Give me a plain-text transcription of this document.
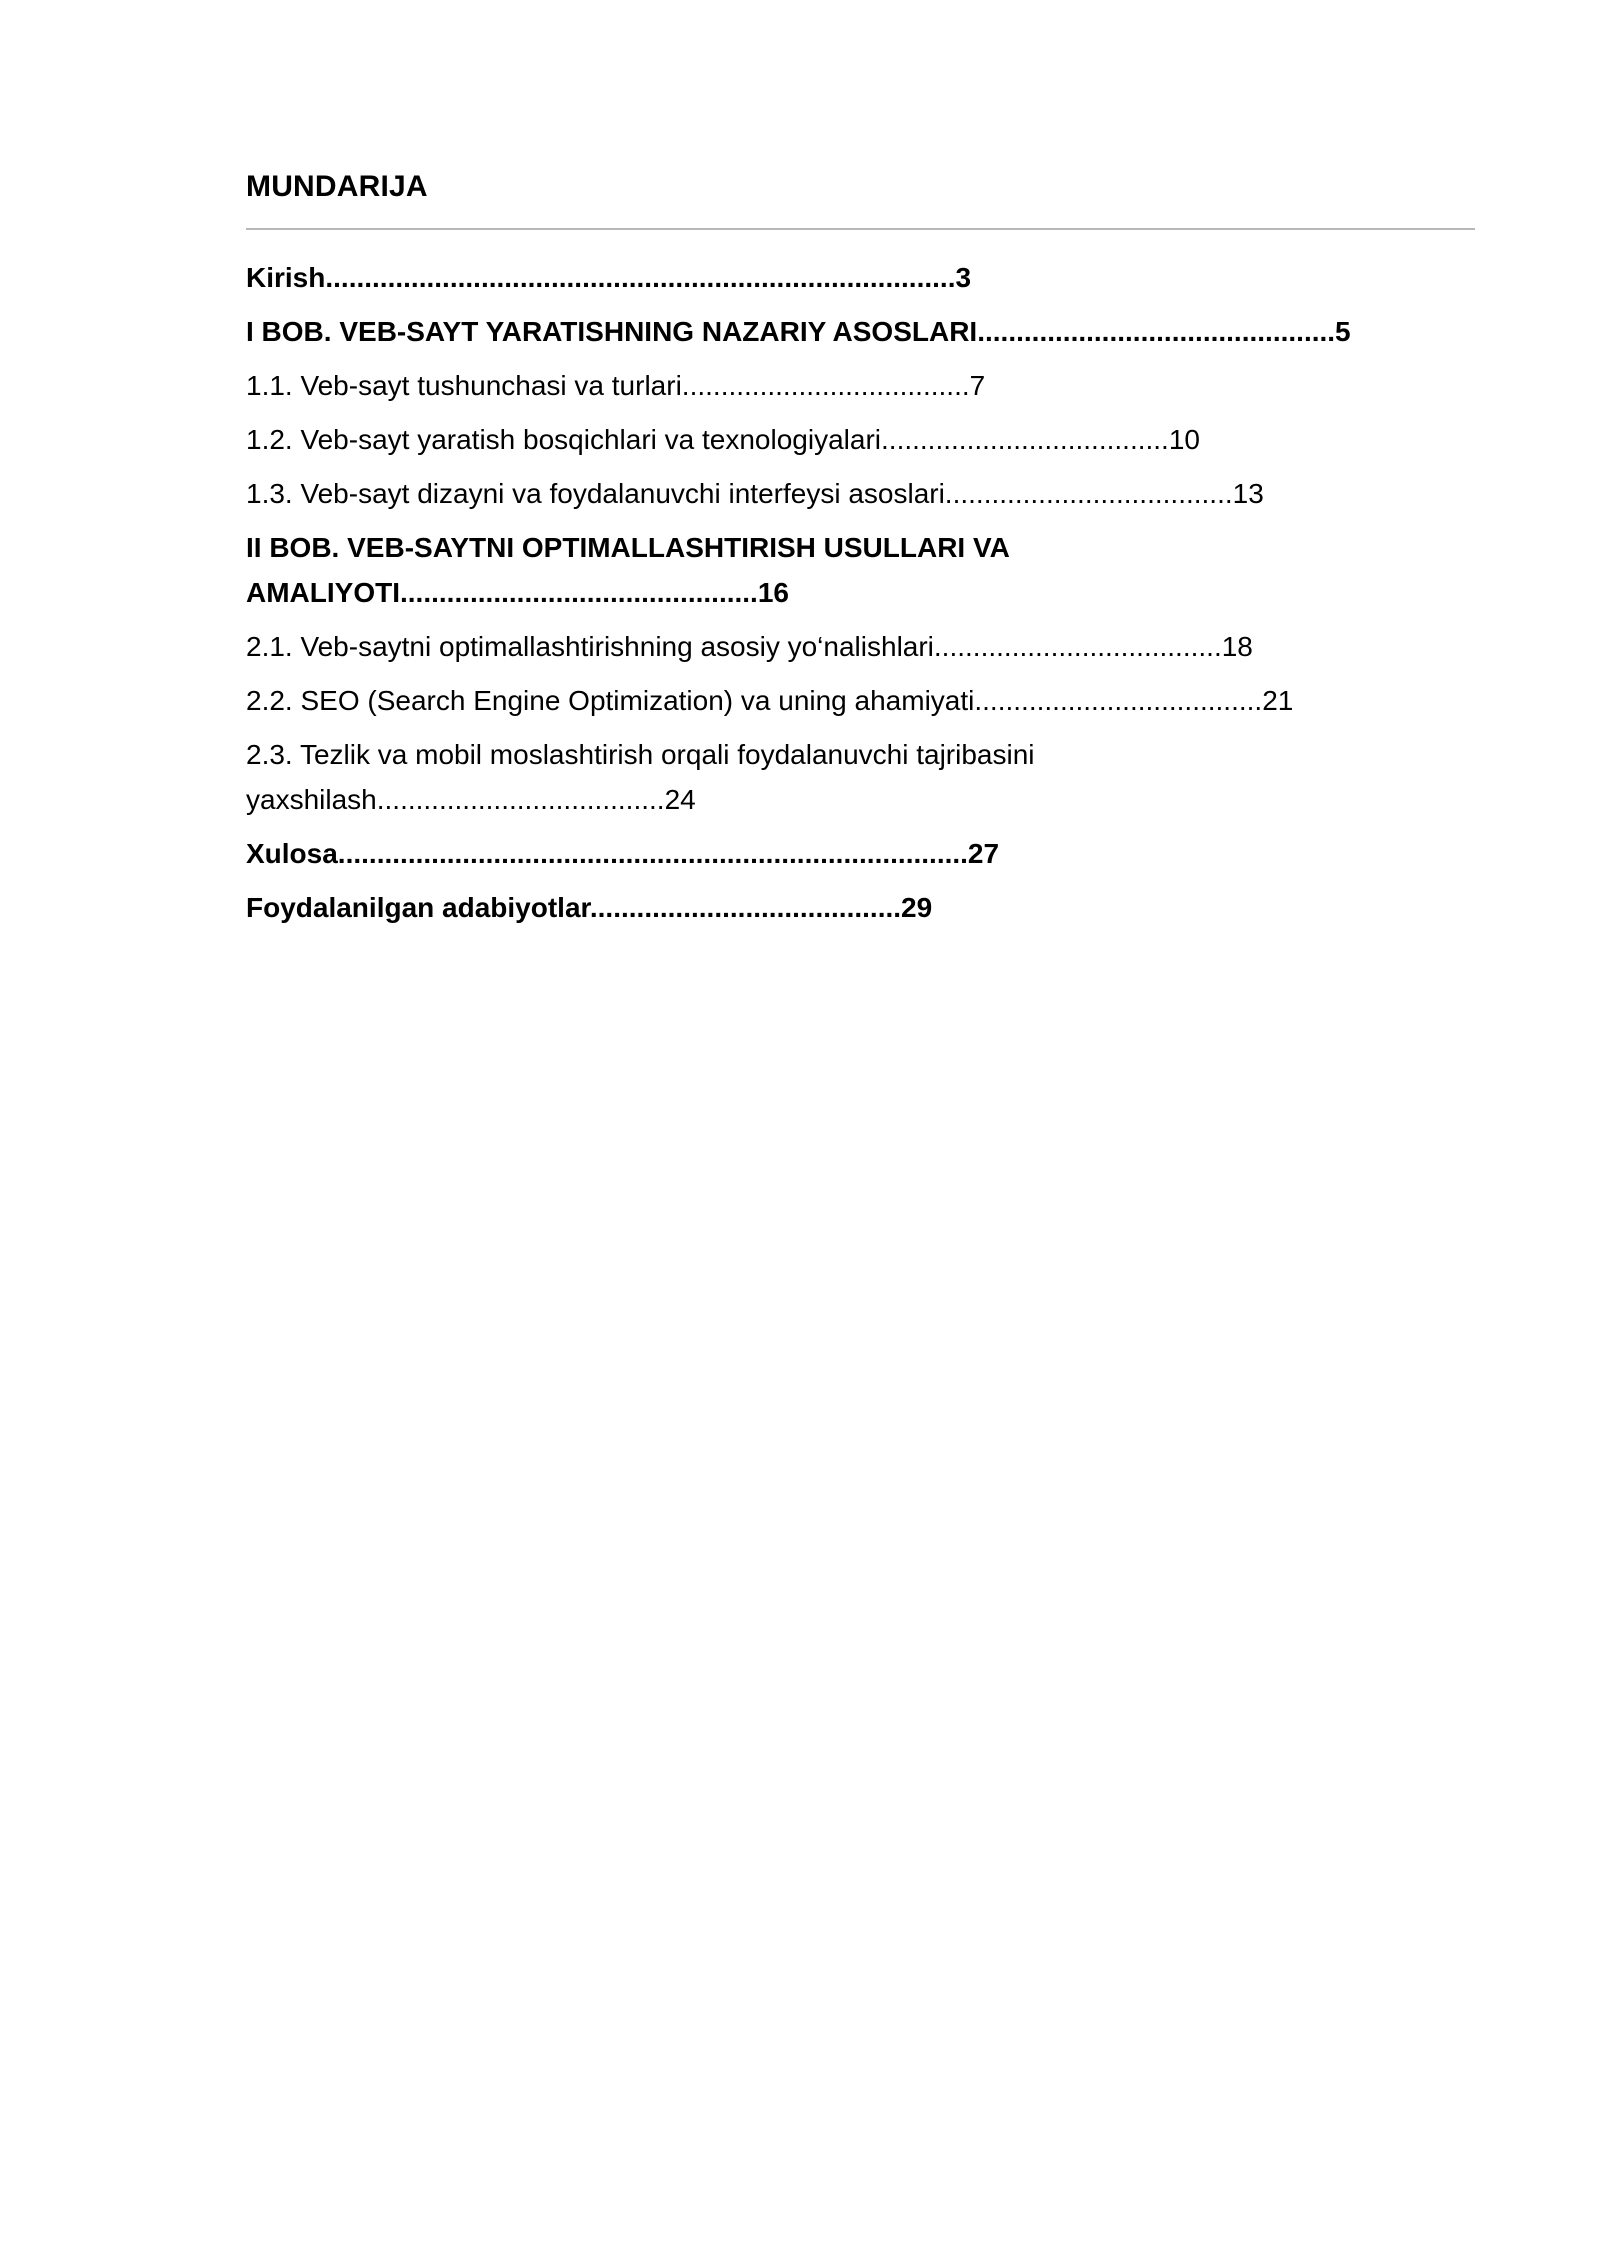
MUNDARIJA
Kirish.................................................................................3
I BOB. VEB-SAYT YARATISHNING NAZARIY ASOSLARI..............................................5
1.1. Veb-sayt tushunchasi va turlari.....................................7
1.2. Veb-sayt yaratish bosqichlari va texnologiyalari.....................................10
1.3. Veb-sayt dizayni va foydalanuvchi interfeysi asoslari.....................................13
II BOB. VEB-SAYTNI OPTIMALLASHTIRISH USULLARI VA
AMALIYOTI..............................................16
2.1. Veb-saytni optimallashtirishning asosiy yo‘nalishlari.....................................18
2.2. SEO (Search Engine Optimization) va uning ahamiyati.....................................21
2.3. Tezlik va mobil moslashtirish orqali foydalanuvchi tajribasini
yaxshilash.....................................24
Xulosa.................................................................................27
Foydalanilgan adabiyotlar........................................29
